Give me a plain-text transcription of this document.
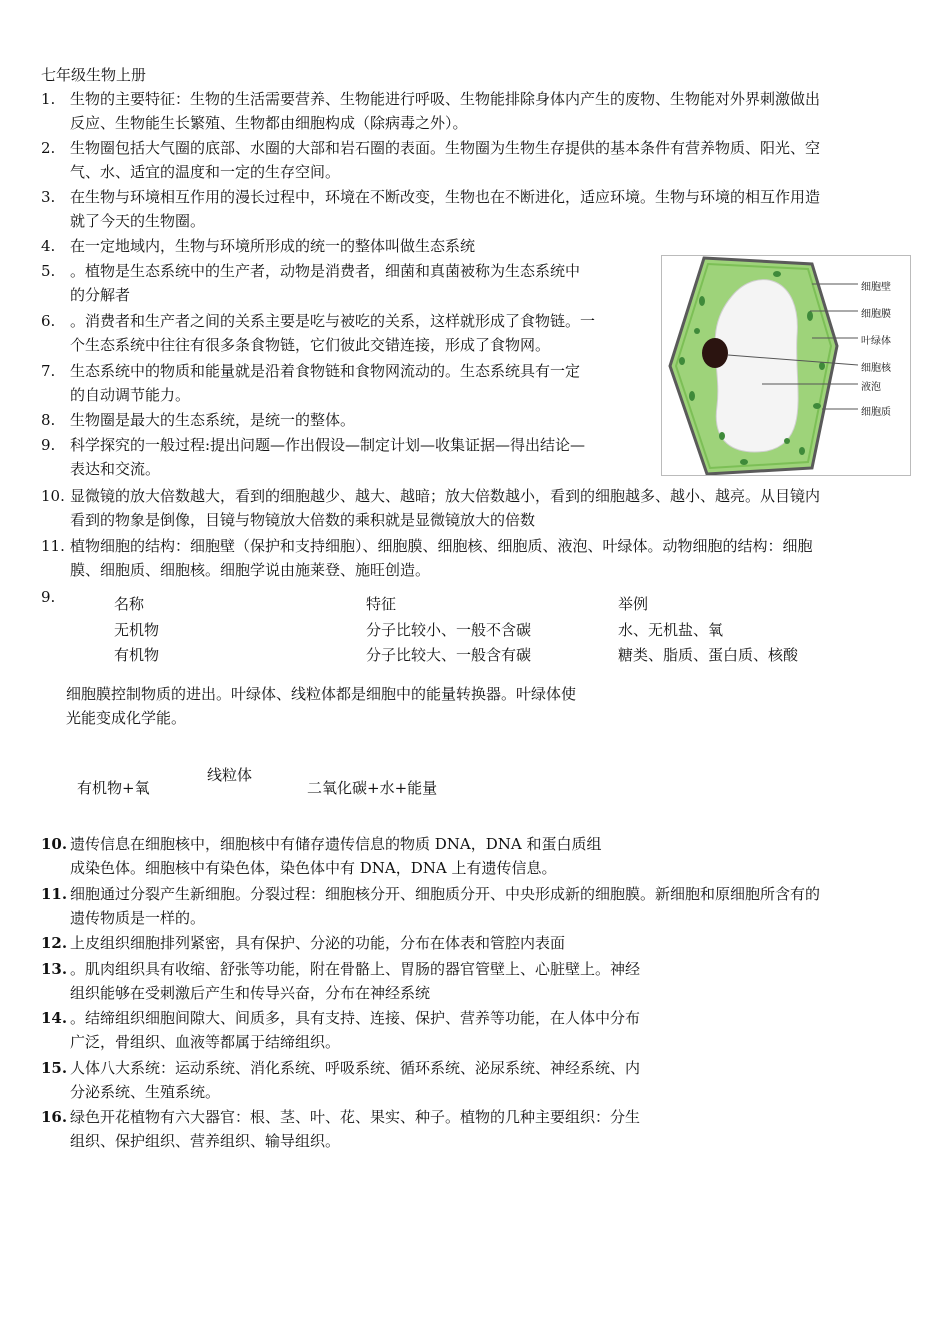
七年级生物上册
1. 生物的主要特征：生物的生活需要营养、生物能进行呼吸、生物能排除身体内产生的废物、生物能对外界刺激做出
反应、生物能生长繁殖、生物都由细胞构成（除病毒之外）。
2. 生物圈包括大气圈的底部、水圈的大部和岩石圈的表面。生物圈为生物生存提供的基本条件有营养物质、阳光、空
气、水、适宜的温度和一定的生存空间。
3. 在生物与环境相互作用的漫长过程中，环境在不断改变，生物也在不断进化，适应环境。生物与环境的相互作用造
就了今天的生物圈。
4. 在一定地域内，生物与环境所形成的统一的整体叫做生态系统
5. 。植物是生态系统中的生产者，动物是消费者，细菌和真菌被称为生态系统中
的分解者
6. 。消费者和生产者之间的关系主要是吃与被吃的关系，这样就形成了食物链。一
个生态系统中往往有很多条食物链，它们彼此交错连接，形成了食物网。
7. 生态系统中的物质和能量就是沿着食物链和食物网流动的。生态系统具有一定
的自动调节能力。
8. 生物圈是最大的生态系统，是统一的整体。
9. 科学探究的一般过程:提出问题—作出假设—制定计划—收集证据—得出结论—
表达和交流。
10. 显微镜的放大倍数越大，看到的细胞越少、越大、越暗；放大倍数越小，看到的细胞越多、越小、越亮。从目镜内
看到的物象是倒像，目镜与物镜放大倍数的乘积就是显微镜放大的倍数
11. 植物细胞的结构：细胞壁（保护和支持细胞）、细胞膜、细胞核、细胞质、液泡、叶绿体。动物细胞的结构：细胞
膜、细胞质、细胞核。细胞学说由施莱登、施旺创造。
细胞壁
细胞膜
叶绿体
细胞核
液泡
细胞质
9.	名称	特征	举例
无机物	分子比较小、一般不含碳	水、无机盐、氧
有机物	分子比较大、一般含有碳	糖类、脂质、蛋白质、核酸
细胞膜控制物质的进出。叶绿体、线粒体都是细胞中的能量转换器。叶绿体使
光能变成化学能。
有机物+氧
线粒体
二氧化碳+水+能量
10. 遗传信息在细胞核中，细胞核中有储存遗传信息的物质 DNA，DNA 和蛋白质组
成染色体。细胞核中有染色体，染色体中有 DNA，DNA 上有遗传信息。
11. 细胞通过分裂产生新细胞。分裂过程：细胞核分开、细胞质分开、中央形成新的细胞膜。新细胞和原细胞所含有的
遗传物质是一样的。
12. 上皮组织细胞排列紧密，具有保护、分泌的功能，分布在体表和管腔内表面
13. 。肌肉组织具有收缩、舒张等功能，附在骨骼上、胃肠的器官管壁上、心脏壁上。神经
组织能够在受刺激后产生和传导兴奋，分布在神经系统
14. 。结缔组织细胞间隙大、间质多，具有支持、连接、保护、营养等功能，在人体中分布
广泛，骨组织、血液等都属于结缔组织。
15. 人体八大系统：运动系统、消化系统、呼吸系统、循环系统、泌尿系统、神经系统、内
分泌系统、生殖系统。
16. 绿色开花植物有六大器官：根、茎、叶、花、果实、种子。植物的几种主要组织：分生
组织、保护组织、营养组织、输导组织。
